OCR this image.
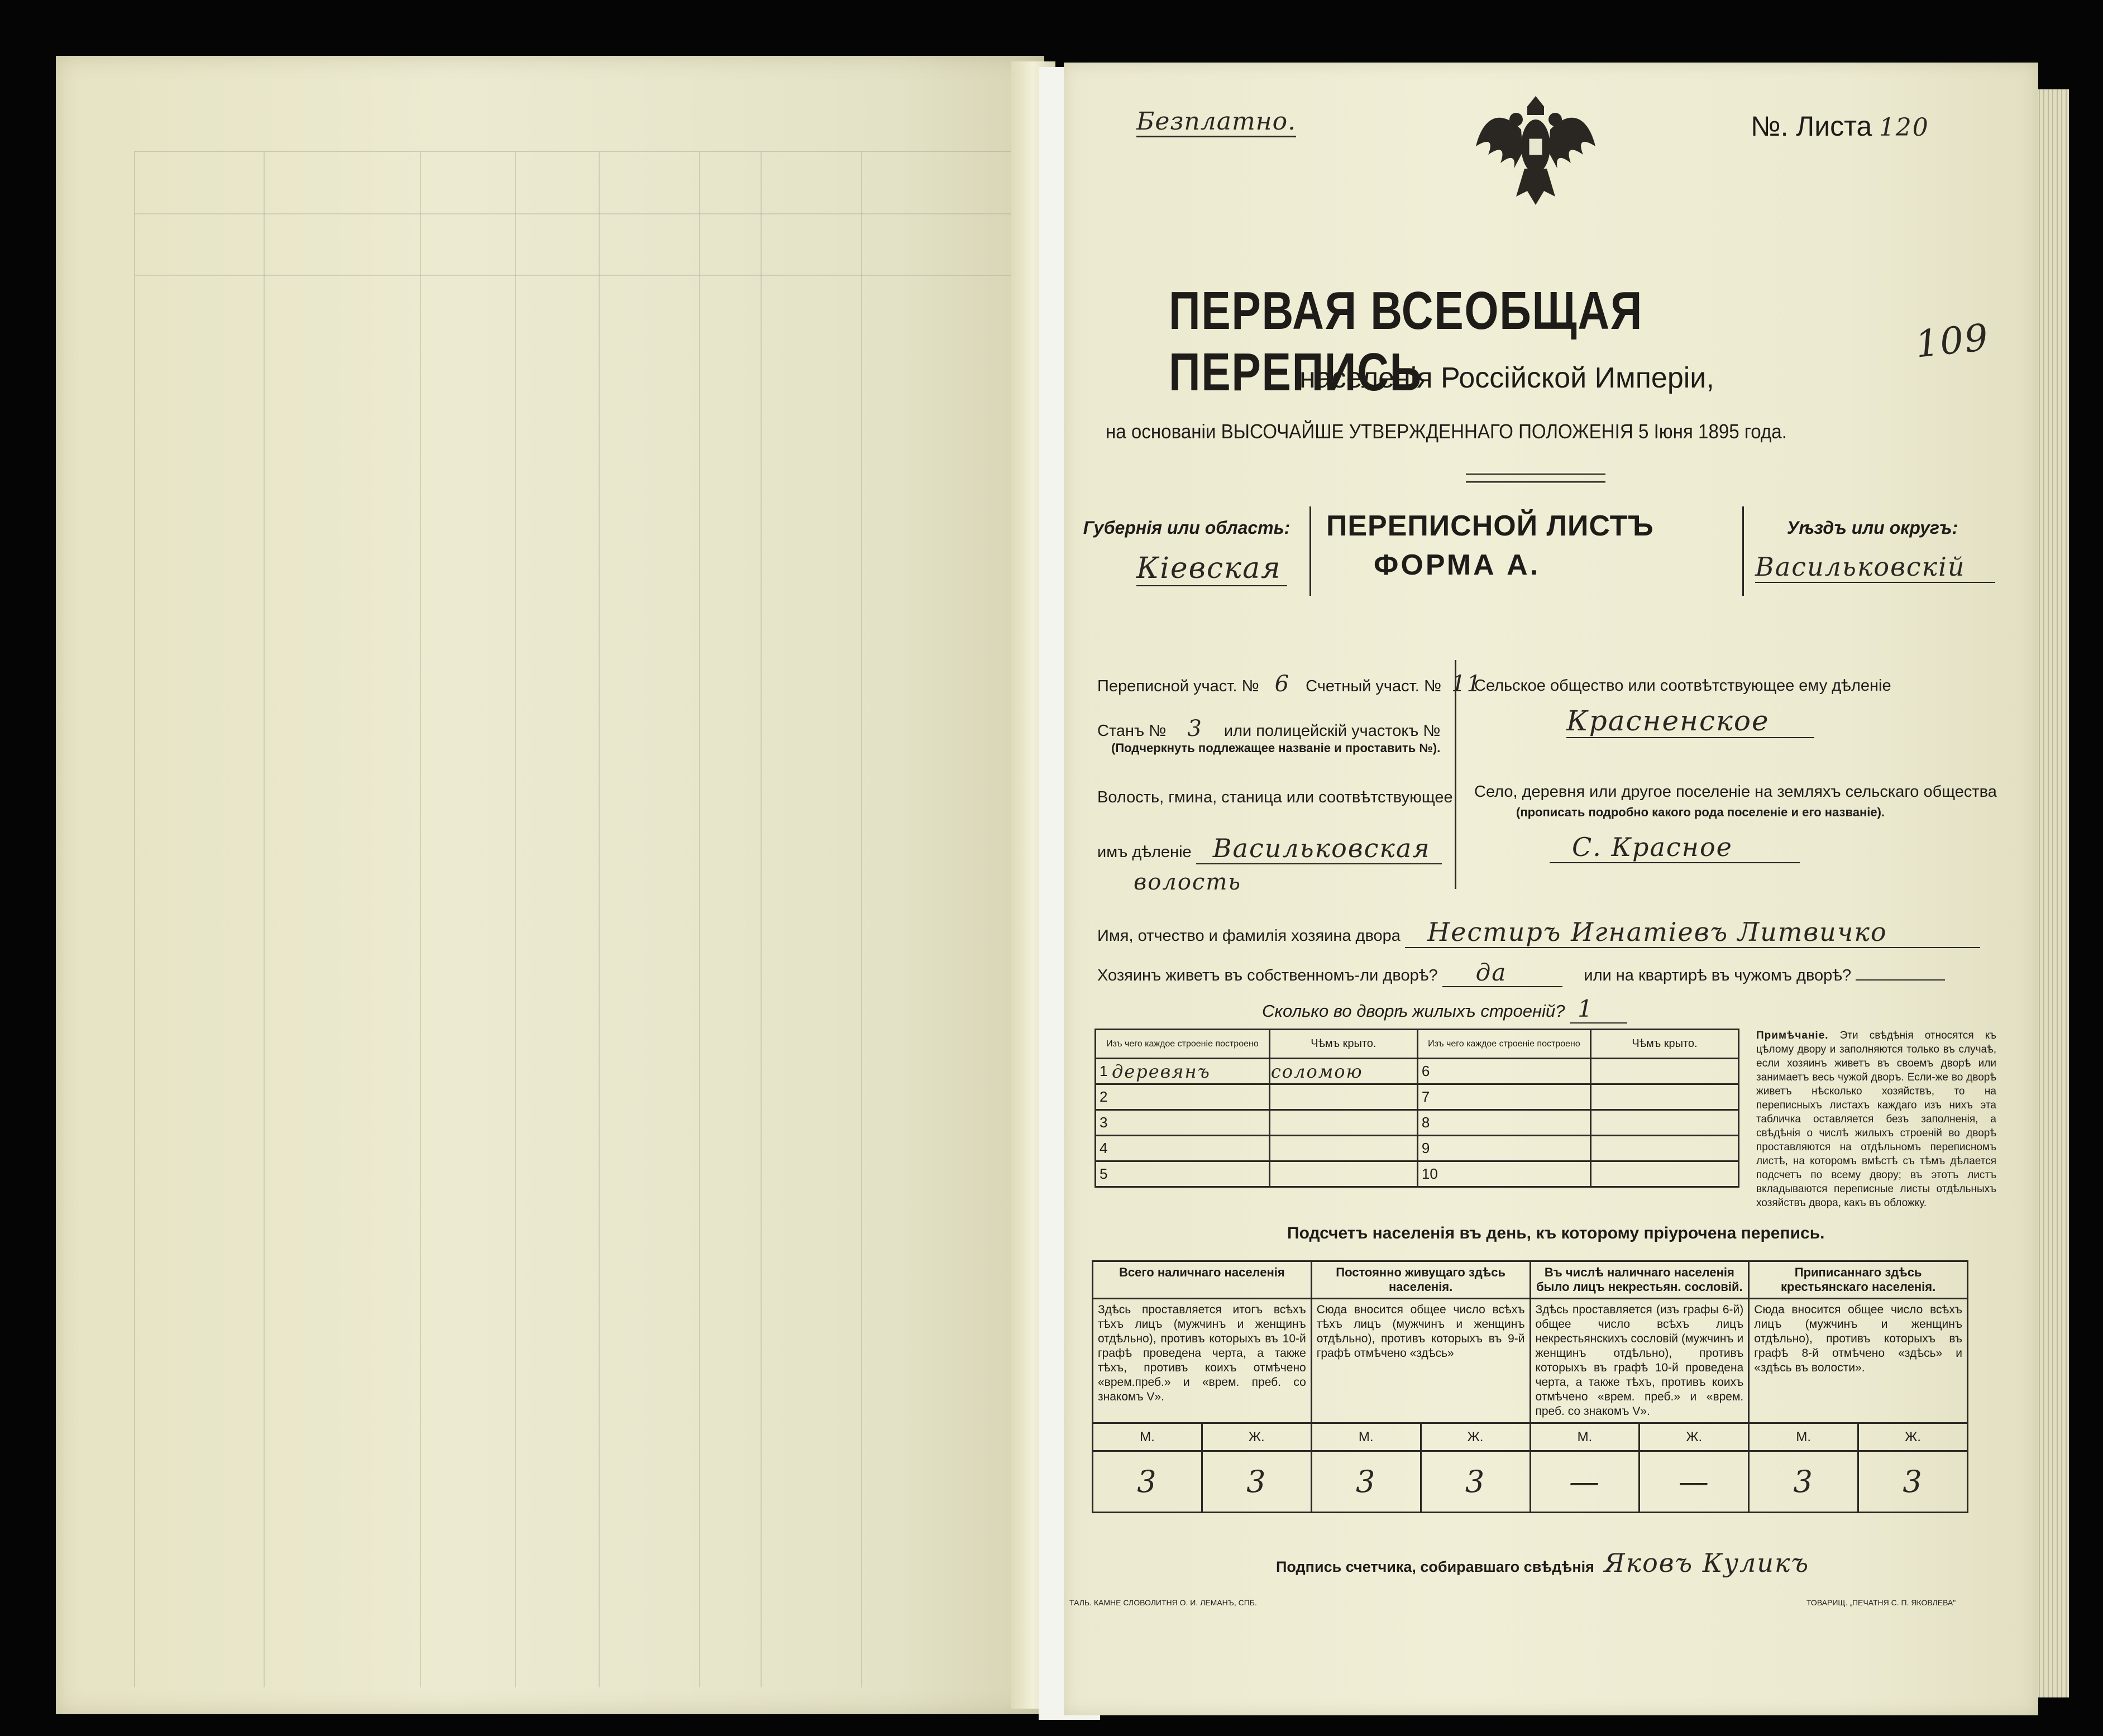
Безплатно.	№. Листа 120
109
ПЕРВАЯ ВСЕОБЩАЯ ПЕРЕПИСЬ
населенія Россійской Имперіи,
на основаніи ВЫСОЧАЙШЕ УТВЕРЖДЕННАГО ПОЛОЖЕНІЯ 5 Іюня 1895 года.
Губернія или область:
Кіевская
ПЕРЕПИСНОЙ ЛИСТЪ
ФОРМА А.
Уѣздъ или округъ:
Васильковскій
Переписной участ. № 6 Счетный участ. № 11
Станъ № 3 или полицейскій участокъ №
(Подчеркнуть подлежащее названіе и проставить №).
Волость, гмина, станица или соотвѣтствующее
имъ дѣленіе Васильковская
волость
Сельское общество или соотвѣтствующее ему дѣленіе
Красненское
Село, деревня или другое поселеніе на земляхъ сельскаго общества
(прописать подробно какого рода поселеніе и его названіе).
С. Красное
Имя, отчество и фамилія хозяина двора Нестиръ Игнатіевъ Литвичко
Хозяинъ живетъ въ собственномъ-ли дворѣ? да	или на квартирѣ въ чужомъ дворѣ?
Сколько во дворѣ жилыхъ строеній? 1
Изъ чего каждое строеніе построено		Чѣмъ крыто.	Изъ чего каждое строеніе построено		Чѣмъ крыто.
1	деревянъ	соломою	6		
2			7		
3			8		
4			9		
5			10		
Примѣчаніе. Эти свѣдѣнія относятся къ цѣлому двору и заполняются только въ случаѣ, если хозяинъ живетъ въ своемъ дворѣ или занимаетъ весь чужой дворъ. Если-же во дворѣ живетъ нѣсколько хозяйствъ, то на переписныхъ листахъ каждаго изъ нихъ эта табличка оставляется безъ заполненія, а свѣдѣнія о числѣ жилыхъ строеній во дворѣ проставляются на отдѣльномъ переписномъ листѣ, на которомъ вмѣстѣ съ тѣмъ дѣлается подсчетъ по всему двору; въ этотъ листъ вкладываются переписные листы отдѣльныхъ хозяйствъ двора, какъ въ обложку.
Подсчетъ населенія въ день, къ которому пріурочена перепись.
Всего наличнаго населенія		Постоянно живущаго здѣсь населенія.		Въ числѣ наличнаго населенія было лицъ некрестьян. сословій.		Приписаннаго здѣсь крестьянскаго населенія.	
Здѣсь проставляется итогъ всѣхъ тѣхъ лицъ (мужчинъ и женщинъ отдѣльно), противъ которыхъ въ 10-й графѣ проведена черта, а также тѣхъ, противъ коихъ отмѣчено «врем.преб.» и «врем. преб. со знакомъ V».		Сюда вносится общее число всѣхъ тѣхъ лицъ (мужчинъ и женщинъ отдѣльно), противъ которыхъ въ 9-й графѣ отмѣчено «здѣсь»		Здѣсь проставляется (изъ графы 6-й) общее число всѣхъ лицъ некрестьянскихъ сословій (мужчинъ и женщинъ отдѣльно), противъ которыхъ въ графѣ 10-й проведена черта, а также тѣхъ, противъ коихъ отмѣчено «врем. преб.» и «врем. преб. со знакомъ V».		Сюда вносится общее число всѣхъ лицъ (мужчинъ и женщинъ отдѣльно), противъ которыхъ въ графѣ 8-й отмѣчено «здѣсь» и «здѣсь въ волости».	
М.	Ж.	М.	Ж.	М.	Ж.	М.	Ж.
3	3	3	3	—	—	3	3
Подпись счетчика, собиравшаго свѣдѣнія Яковъ Куликъ
ТАЛЬ. КАМНЕ СЛОВОЛИТНЯ О. И. ЛЕМАНЪ, СПБ.	ТОВАРИЩ. „ПЕЧАТНЯ С. П. ЯКОВЛЕВА"
